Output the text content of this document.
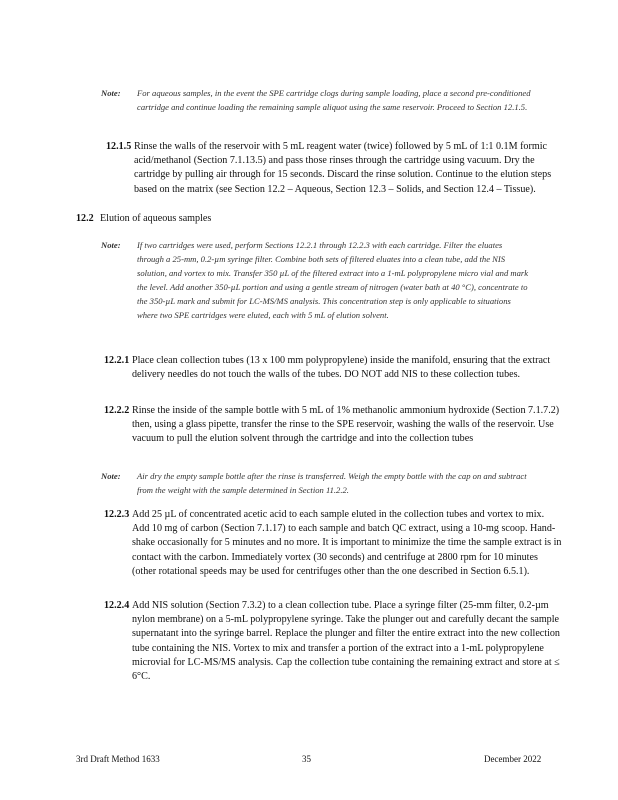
Note: For aqueous samples, in the event the SPE cartridge clogs during sample loading, place a second pre-conditioned cartridge and continue loading the remaining sample aliquot using the same reservoir. Proceed to Section 12.1.5.
12.1.5 Rinse the walls of the reservoir with 5 mL reagent water (twice) followed by 5 mL of 1:1 0.1M formic acid/methanol (Section 7.1.13.5) and pass those rinses through the cartridge using vacuum. Dry the cartridge by pulling air through for 15 seconds. Discard the rinse solution. Continue to the elution steps based on the matrix (see Section 12.2 – Aqueous, Section 12.3 – Solids, and Section 12.4 – Tissue).
12.2 Elution of aqueous samples
Note: If two cartridges were used, perform Sections 12.2.1 through 12.2.3 with each cartridge. Filter the eluates through a 25-mm, 0.2-µm syringe filter. Combine both sets of filtered eluates into a clean tube, add the NIS solution, and vortex to mix. Transfer 350 µL of the filtered extract into a 1-mL polypropylene micro vial and mark the level. Add another 350-µL portion and using a gentle stream of nitrogen (water bath at 40 °C), concentrate to the 350-µL mark and submit for LC-MS/MS analysis. This concentration step is only applicable to situations where two SPE cartridges were eluted, each with 5 mL of elution solvent.
12.2.1 Place clean collection tubes (13 x 100 mm polypropylene) inside the manifold, ensuring that the extract delivery needles do not touch the walls of the tubes. DO NOT add NIS to these collection tubes.
12.2.2 Rinse the inside of the sample bottle with 5 mL of 1% methanolic ammonium hydroxide (Section 7.1.7.2) then, using a glass pipette, transfer the rinse to the SPE reservoir, washing the walls of the reservoir. Use vacuum to pull the elution solvent through the cartridge and into the collection tubes
Note: Air dry the empty sample bottle after the rinse is transferred. Weigh the empty bottle with the cap on and subtract from the weight with the sample determined in Section 11.2.2.
12.2.3 Add 25 µL of concentrated acetic acid to each sample eluted in the collection tubes and vortex to mix. Add 10 mg of carbon (Section 7.1.17) to each sample and batch QC extract, using a 10-mg scoop. Hand-shake occasionally for 5 minutes and no more. It is important to minimize the time the sample extract is in contact with the carbon. Immediately vortex (30 seconds) and centrifuge at 2800 rpm for 10 minutes (other rotational speeds may be used for centrifuges other than the one described in Section 6.5.1).
12.2.4 Add NIS solution (Section 7.3.2) to a clean collection tube. Place a syringe filter (25-mm filter, 0.2-µm nylon membrane) on a 5-mL polypropylene syringe. Take the plunger out and carefully decant the sample supernatant into the syringe barrel. Replace the plunger and filter the entire extract into the new collection tube containing the NIS. Vortex to mix and transfer a portion of the extract into a 1-mL polypropylene microvial for LC-MS/MS analysis. Cap the collection tube containing the remaining extract and store at ≤ 6°C.
3rd Draft Method 1633	35	December 2022
